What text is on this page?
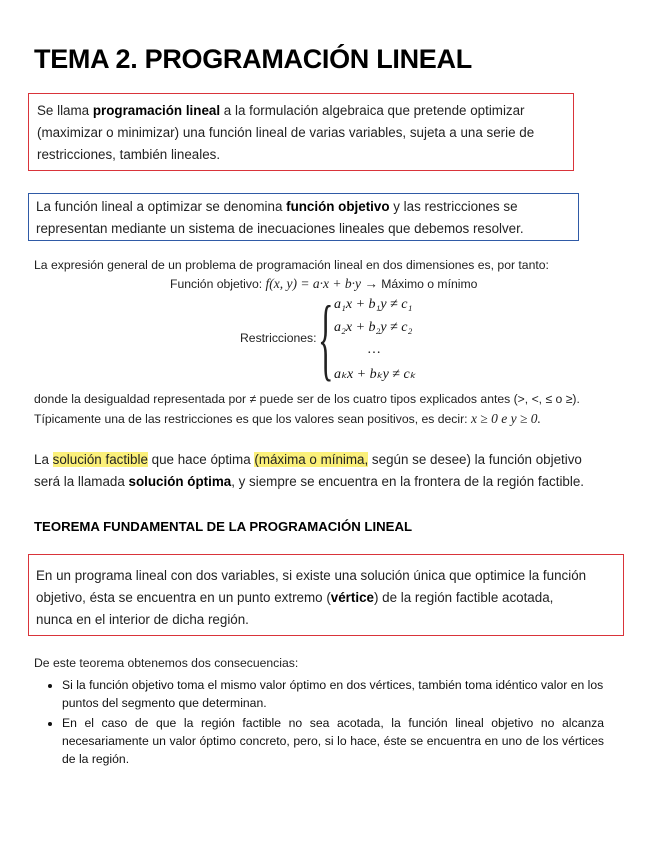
TEMA 2. PROGRAMACIÓN LINEAL

Se llama programación lineal a la formulación algebraica que pretende optimizar

(maximizar o minimizar) una función lineal de varias variables, sujeta a una serie de

restricciones, también lineales.

La función lineal a optimizar se denomina función objetivo y las restricciones se

representan mediante un sistema de inecuaciones lineales que debemos resolver.

La expresión general de un problema de programación lineal en dos dimensiones es, por tanto:
Función objetivo: f(x, y) = a·x + b·y → Máximo o mínimo
Restricciones: { a₁x + b₁y ≠ c₁
a₂x + b₂y ≠ c₂
…
aₖx + bₖy ≠ cₖ
donde la desigualdad representada por ≠ puede ser de los cuatro tipos explicados antes (>, <, ≤ o ≥).
Típicamente una de las restricciones es que los valores sean positivos, es decir: x ≥ 0 e y ≥ 0.
La solución factible que hace óptima (máxima o mínima, según se desee) la función objetivo
será la llamada solución óptima, y siempre se encuentra en la frontera de la región factible.
TEOREMA FUNDAMENTAL DE LA PROGRAMACIÓN LINEAL

En un programa lineal con dos variables, si existe una solución única que optimice la función

objetivo, ésta se encuentra en un punto extremo (vértice) de la región factible acotada,

nunca en el interior de dicha región.

De este teorema obtenemos dos consecuencias:
• Si la función objetivo toma el mismo valor óptimo en dos vértices, también toma idéntico valor en los puntos del segmento que determinan.
• En el caso de que la región factible no sea acotada, la función lineal objetivo no alcanza necesariamente un valor óptimo concreto, pero, si lo hace, éste se encuentra en uno de los vértices de la región.
